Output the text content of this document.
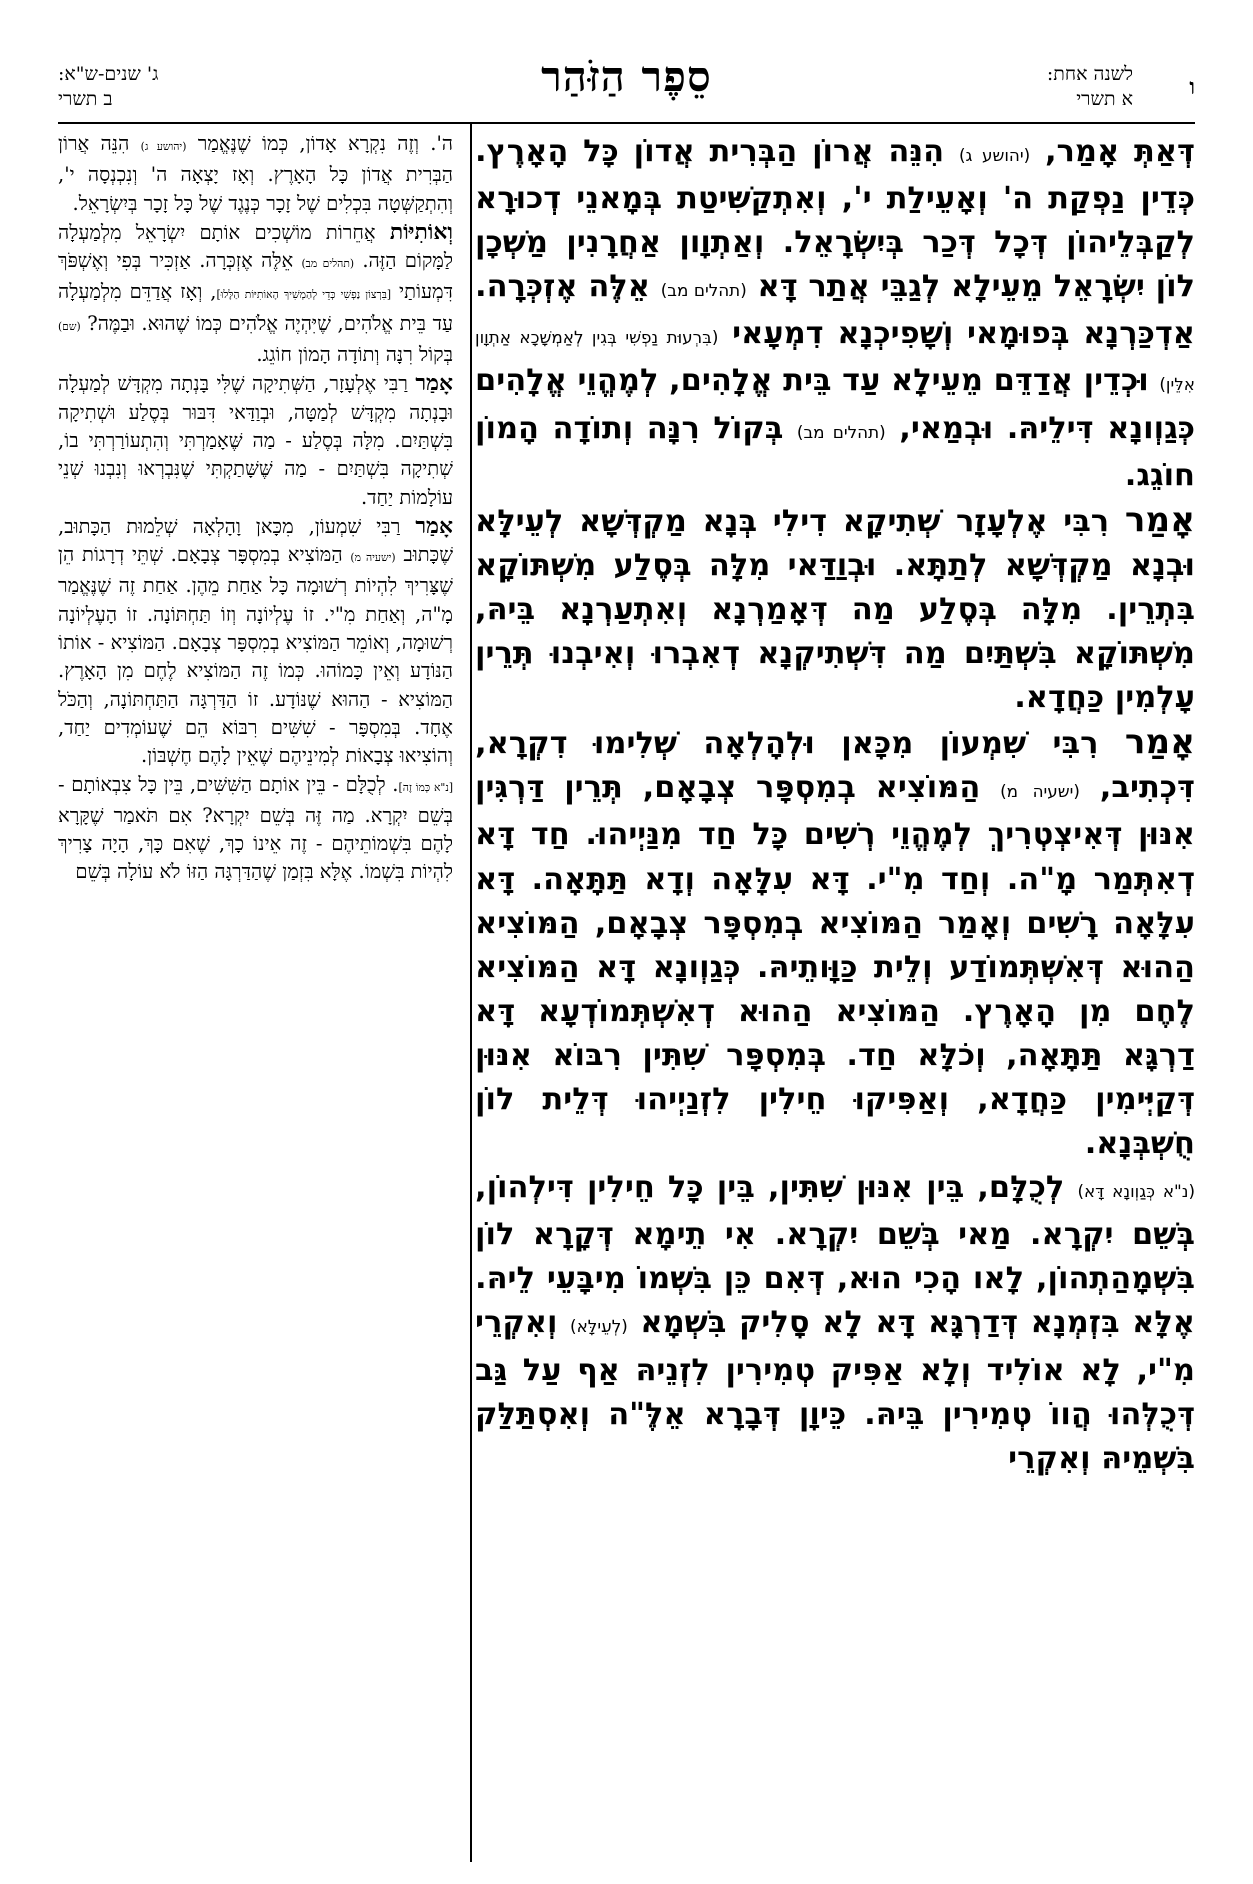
ו
לשנה אחת:
א תשרי
סֵפֶר הַזֹּהַר
ג' שנים-ש"א:
ב תשרי

דְּאַתְּ אָמַר, (יהושע ג) הִנֵּה אֲרוֹן הַבְּרִית אֲדוֹן כָּל הָאָרֶץ. כְּדֵין נַפְקַת ה' וְאָעֵילַת י', וְאִתְקַשִּׁיטַת בְּמָאנֵי דְכוּרָא לְקַבְּלֵיהוֹן דְּכָל דְּכַר בְּיִשְׂרָאֵל. וְאַתְוָון אַחֲרָנִין מַשְׁכָן לוֹן יִשְׂרָאֵל מֵעֵילָא לְגַבֵּי אֲתַר דָּא (תהלים מב) אֵלֶּה אֶזְכְּרָה. אַדְכַּרְנָא בְּפוּמָאי וְשָׁפִיכְנָא דִמְעָאי (בִּרְעוּת נַפְשִׁי בְּגִין לְאַמְשָׁכָא אַתְוָון אִלֵּין) וּכְדֵין אֲדַדֵּם מֵעֵילָא עַד בֵּית אֱלָהִים, לְמֶהֱוֵי אֱלָהִים כְּגַוְונָא דִּילֵיהּ. וּבְמַאי, (תהלים מב) בְּקוֹל רִנָּה וְתוֹדָה הָמוֹן חוֹגֵג.

אָמַר רִבִּי אֶלְעָזָר שְׁתִיקָא דִילִי בְּנָא מַקְדְּשָׁא לְעֵילָּא וּבְנָא מַקְדְּשָׁא לְתַתָּא. וּבְוַדַּאי מִלָּה בְּסֶלַע מִשְׁתּוֹקָא בִּתְרֵין. מִלָּה בְּסֶלַע מַה דְּאָמַרְנָא וְאִתְעַרְנָא בֵּיהּ, מִשְׁתּוֹקָא בִּשְׁתַּיִם מַה דִּשְׁתִיקְנָא דְאִבְרוּ וְאִיבְנוּ תְּרֵין עָלְמִין כַּחֲדָא.

אָמַר רִבִּי שִׁמְעוֹן מִכָּאן וּלְהָלְאָה שְׁלִימוּ דִקְרָא, דִּכְתִיב, (ישעיה מ) הַמּוֹצִיא בְמִסְפָּר צְבָאָם, תְּרֵין דַּרְגִּין אִנּוּן דְּאִיצְטְרִיךְ לְמֶהֱוֵי רְשִׁים כָּל חַד מִנַּיְיהוּ. חַד דָּא דְאִתְּמַר מָ"ה. וְחַד מִ"י. דָּא עִלָּאָה וְדָא תַּתָּאָה. דָּא עִלָּאָה רָשִׁים וְאָמַר הַמּוֹצִיא בְמִסְפָּר צְבָאָם, הַמּוֹצִיא הַהוּא דְּאִשְׁתְּמוֹדַע וְלֵית כַּוָּותֵיהּ. כְּגַוְונָא דָּא הַמּוֹצִיא לֶחֶם מִן הָאָרֶץ. הַמּוֹצִיא הַהוּא דְאִשְׁתְּמוֹדְעָא דָּא דַרְגָּא תַּתָּאָה, וְכֹלָּא חַד. בְּמִסְפָּר שִׁתִּין רִבּוֹא אִנּוּן דְּקַיְּימִין כַּחֲדָא, וְאַפִּיקוּ חֵילִין לִזְנַיְיהוּ דְּלֵית לוֹן חֻשְׁבְּנָא.

(נ"א כְּגַוְונָא דָּא) לְכֻלָּם, בֵּין אִנּוּן שִׁתִּין, בֵּין כָּל חֵילִין דִּילְהוֹן, בְּשֵׁם יִקְרָא. מַאי בְּשֵׁם יִקְרָא. אִי תֵימָא דְּקָרָא לוֹן בִּשְׁמָהַתְהוֹן, לָאו הָכִי הוּא, דְּאִם כֵּן בִּשְׁמוֹ מִיבָּעֵי לֵיהּ. אֶלָּא בִּזְמְנָא דְּדַרְגָּא דָּא לָא סָלִיק בִּשְׁמָא (לְעֵילָּא) וְאִקְרֵי מִ"י, לָא אוֹלִיד וְלָא אַפִּיק טְמִירִין לִזְנֵיהּ אַף עַל גַּב דְּכֻלְּהוּ הֲווֹ טְמִירִין בֵּיהּ. כֵּיוָן דְּבָרָא אֵלֶּ"ה וְאִסְתַּלַּק בִּשְׁמֵיהּ וְאִקְרֵי

ה'. וְזֶה נִקְרָא אָדוֹן, כְּמוֹ שֶׁנֶּאֱמַר (יהושע ג) הִנֵּה אֲרוֹן הַבְּרִית אֲדוֹן כָּל הָאָרֶץ. וְאָז יָצְאָה ה' וְנִכְנְסָה י', וְהִתְקַשְּׁטָה בִּכְלִים שֶׁל זָכָר כְּנֶגֶד שֶׁל כָּל זָכָר בְּיִשְׂרָאֵל.

וְאוֹתִיּוֹת אֲחֵרוֹת מוֹשְׁכִים אוֹתָם יִשְׂרָאֵל מִלְמַעְלָה לַמָּקוֹם הַזֶּה. (תהלים מב) אֵלֶּה אֶזְכְּרָה. אַזְכִּיר בְּפִי וְאֶשְׁפֹּךְ דִּמְעוֹתַי [בִּרְצוֹן נַפְשִׁי כְּדֵי לְהַמְשִׁיךְ הָאוֹתִיּוֹת הַלָּלוּ], וְאָז אֲדַדֵּם מִלְמַעְלָה עַד בֵּית אֱלֹהִים, שֶׁיִּהְיֶה אֱלֹהִים כְּמוֹ שֶׁהוּא. וּבַמֶּה? (שם) בְּקוֹל רִנָּה וְתוֹדָה הָמוֹן חוֹגֵג.

אָמַר רַבִּי אֶלְעָזָר, הַשְּׁתִיקָה שֶׁלִּי בָּנְתָה מִקְדָּשׁ לְמַעְלָה וּבָנְתָה מִקְדָּשׁ לְמַטָּה, וּבְוַדַּאי דִּבּוּר בְּסֶלַע וּשְׁתִיקָה בִּשְׁתַּיִם. מִלָּה בְּסֶלַע - מַה שֶּׁאָמַרְתִּי וְהִתְעוֹרַרְתִּי בוֹ, שְׁתִיקָה בִּשְׁתַּיִם - מַה שֶּׁשָּׁתַקְתִּי שֶׁנִּבְרְאוּ וְנִבְנוּ שְׁנֵי עוֹלָמוֹת יַחַד.

אָמַר רַבִּי שִׁמְעוֹן, מִכָּאן וָהָלְאָה שְׁלֵמוּת הַכָּתוּב, שֶׁכָּתוּב (ישעיה מ) הַמּוֹצִיא בְמִסְפָּר צְבָאָם. שְׁתֵּי דְרָגוֹת הֵן שֶׁצָּרִיךְ לִהְיוֹת רְשׁוּמָה כָּל אַחַת מֵהֶן. אַחַת זֶה שֶׁנֶּאֱמַר מָ"ה, וְאַחַת מִ"י. זוֹ עֶלְיוֹנָה וְזוֹ תַּחְתּוֹנָה. זוֹ הָעֶלְיוֹנָה רְשׁוּמָה, וְאוֹמֵר הַמּוֹצִיא בְמִסְפָּר צְבָאָם. הַמּוֹצִיא - אוֹתוֹ הַנּוֹדָע וְאֵין כָּמוֹהוּ. כְּמוֹ זֶה הַמּוֹצִיא לֶחֶם מִן הָאָרֶץ. הַמּוֹצִיא - הַהוּא שֶׁנּוֹדָע. זוֹ הַדַּרְגָּה הַתַּחְתּוֹנָה, וְהַכֹּל אֶחָד. בְּמִסְפָּר - שִׁשִּׁים רִבּוֹא הֵם שֶׁעוֹמְדִים יַחַד, וְהוֹצִיאוּ צְבָאוֹת לְמִינֵיהֶם שֶׁאֵין לָהֶם חֶשְׁבּוֹן.

[נ"א כְּמוֹ זֶה]. לְכֻלָּם - בֵּין אוֹתָם הַשִּׁשִּׁים, בֵּין כָּל צִבְאוֹתָם - בְּשֵׁם יִקְרָא. מַה זֶּה בְּשֵׁם יִקְרָא? אִם תֹּאמַר שֶׁקָּרָא לָהֶם בִּשְׁמוֹתֵיהֶם - זֶה אֵינוֹ כָךְ, שֶׁאִם כָּךְ, הָיָה צָרִיךְ לִהְיוֹת בִּשְׁמוֹ. אֶלָּא בִּזְמַן שֶׁהַדַּרְגָּה הַזּוֹ לֹא עוֹלָה בְּשֵׁם
